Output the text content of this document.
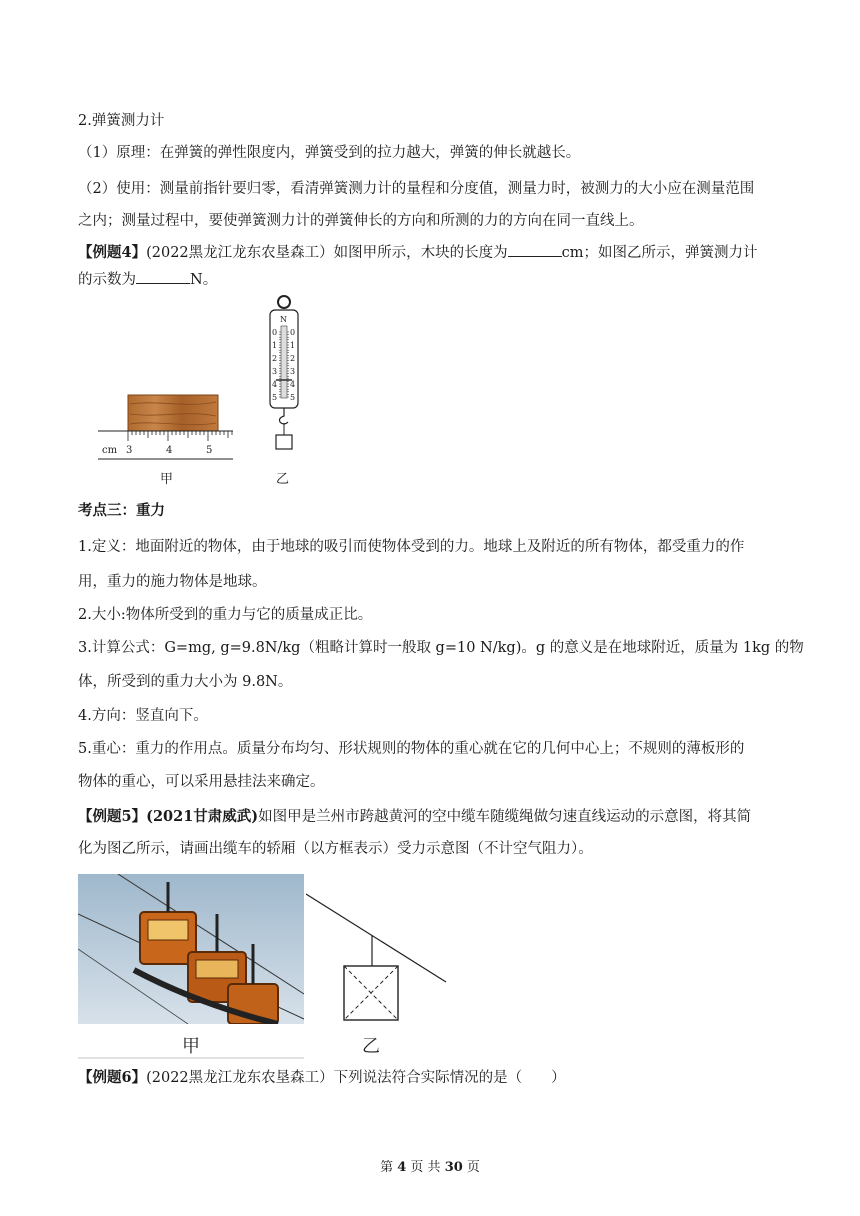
2.弹簧测力计
（1）原理：在弹簧的弹性限度内，弹簧受到的拉力越大，弹簧的伸长就越长。
（2）使用：测量前指针要归零，看清弹簧测力计的量程和分度值，测量力时，被测力的大小应在测量范围
之内；测量过程中，要使弹簧测力计的弹簧伸长的方向和所测的力的方向在同一直线上。
【例题4】(2022黑龙江龙东农垦森工）如图甲所示，木块的长度为	cm；如图乙所示，弹簧测力计
的示数为	N。
cm 3	4	5
甲
N
0 0
1 1
2 2
3 3
4 4
5 5
乙
考点三：重力
1.定义：地面附近的物体，由于地球的吸引而使物体受到的力。地球上及附近的所有物体，都受重力的作
用，重力的施力物体是地球。
2.大小:物体所受到的重力与它的质量成正比。
3.计算公式：G=mg, g=9.8N/kg（粗略计算时一般取 g=10 N/kg)。g 的意义是在地球附近，质量为 1kg 的物
体，所受到的重力大小为 9.8N。
4.方向：竖直向下。
5.重心：重力的作用点。质量分布均匀、形状规则的物体的重心就在它的几何中心上；不规则的薄板形的
物体的重心，可以采用悬挂法来确定。
【例题5】(2021甘肃威武)如图甲是兰州市跨越黄河的空中缆车随缆绳做匀速直线运动的示意图，将其简
化为图乙所示，请画出缆车的轿厢（以方框表示）受力示意图（不计空气阻力）。
甲	乙
【例题6】(2022黑龙江龙东农垦森工）下列说法符合实际情况的是（　　）
第 4 页 共 30 页
